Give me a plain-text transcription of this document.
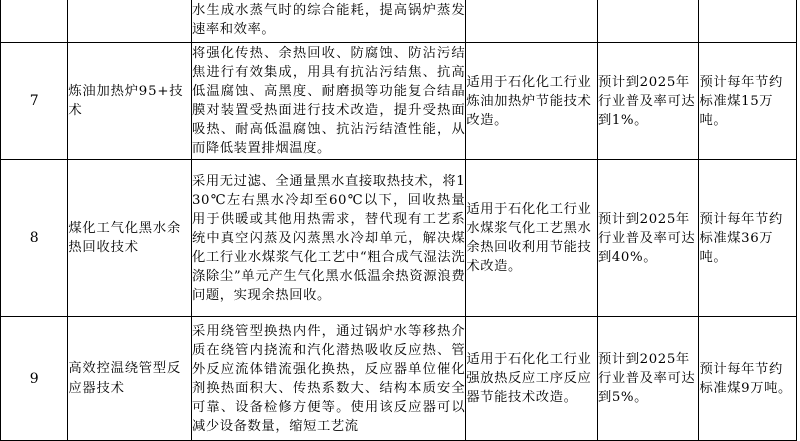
		水生成水蒸气时的综合能耗，提高锅炉蒸发速率和效率。			
7	炼油加热炉95+技术	将强化传热、余热回收、防腐蚀、防沾污结焦进行有效集成，用具有抗沾污结焦、抗高低温腐蚀、高黑度、耐磨损等功能复合结晶膜对装置受热面进行技术改造，提升受热面吸热、耐高低温腐蚀、抗沾污结渣性能，从而降低装置排烟温度。	适用于石化化工行业炼油加热炉节能技术改造。	预计到2025年行业普及率可达到1%。	预计每年节约标准煤15万吨。
8	煤化工气化黑水余热回收技术	采用无过滤、全通量黑水直接取热技术，将130℃左右黑水冷却至60℃以下，回收热量用于供暖或其他用热需求，替代现有工艺系统中真空闪蒸及闪蒸黑水冷却单元，解决煤化工行业水煤浆气化工艺中“粗合成气湿法洗涤除尘”单元产生气化黑水低温余热资源浪费问题，实现余热回收。	适用于石化化工行业水煤浆气化工艺黑水余热回收利用节能技术改造。	预计到2025年行业普及率可达到40%。	预计每年节约标准煤36万吨。
9	高效控温绕管型反应器技术	采用绕管型换热内件，通过锅炉水等移热介质在绕管内挠流和汽化潜热吸收反应热、管外反应流体错流强化换热，反应器单位催化剂换热面积大、传热系数大、结构本质安全可靠、设备检修方便等。使用该反应器可以减少设备数量，缩短工艺流	适用于石化化工行业强放热反应工序反应器节能技术改造。	预计到2025年行业普及率可达到5%。	预计每年节约标准煤9万吨。
